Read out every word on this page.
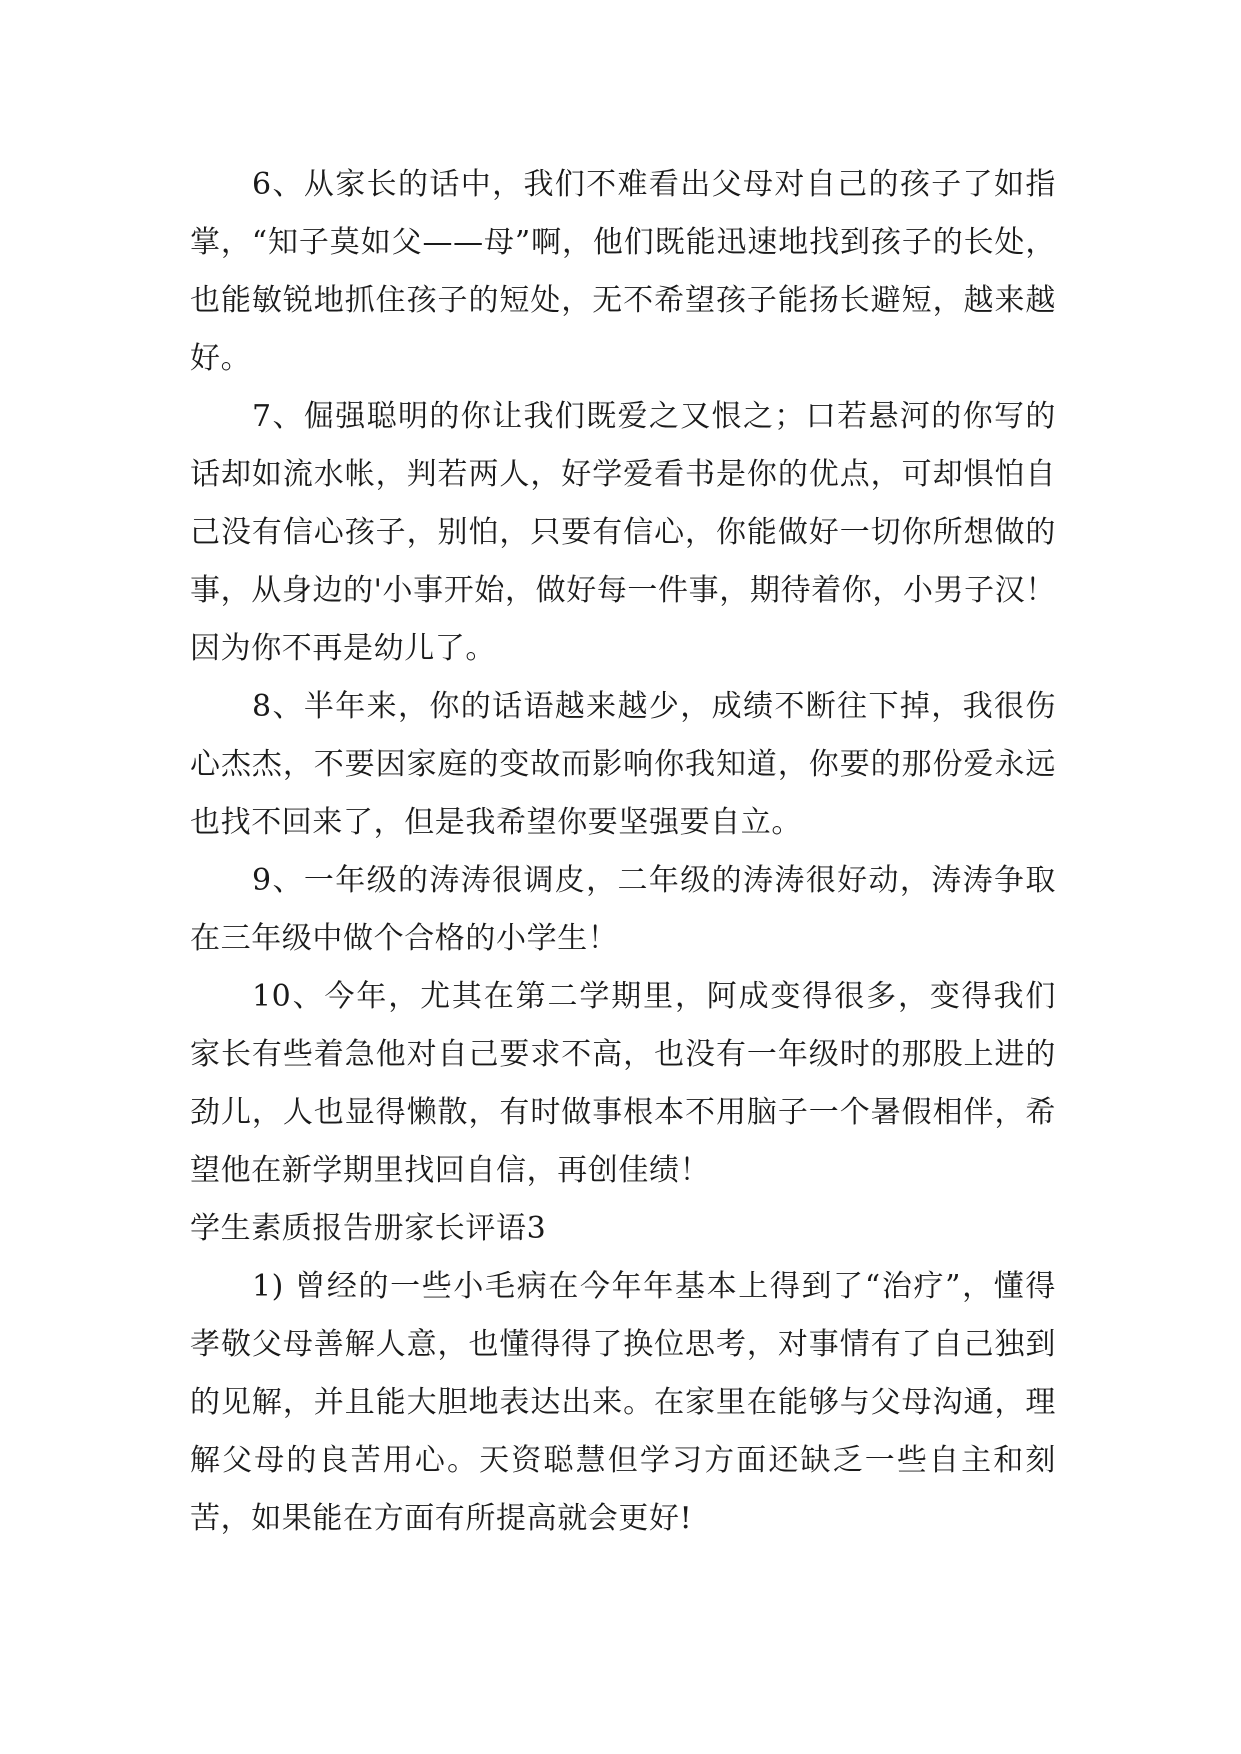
6、从家长的话中，我们不难看出父母对自己的孩子了如指掌，“知子莫如父——母”啊，他们既能迅速地找到孩子的长处，也能敏锐地抓住孩子的短处，无不希望孩子能扬长避短，越来越好。

7、倔强聪明的你让我们既爱之又恨之；口若悬河的你写的话却如流水帐，判若两人，好学爱看书是你的优点，可却惧怕自己没有信心孩子，别怕，只要有信心，你能做好一切你所想做的事，从身边的'小事开始，做好每一件事，期待着你，小男子汉！因为你不再是幼儿了。

8、半年来，你的话语越来越少，成绩不断往下掉，我很伤心杰杰，不要因家庭的变故而影响你我知道，你要的那份爱永远也找不回来了，但是我希望你要坚强要自立。

9、一年级的涛涛很调皮，二年级的涛涛很好动，涛涛争取在三年级中做个合格的小学生！

10、今年，尤其在第二学期里，阿成变得很多，变得我们家长有些着急他对自己要求不高，也没有一年级时的那股上进的劲儿，人也显得懒散，有时做事根本不用脑子一个暑假相伴，希望他在新学期里找回自信，再创佳绩！

学生素质报告册家长评语3

1) 曾经的一些小毛病在今年年基本上得到了“治疗”，懂得孝敬父母善解人意，也懂得得了换位思考，对事情有了自己独到的见解，并且能大胆地表达出来。在家里在能够与父母沟通，理解父母的良苦用心。天资聪慧但学习方面还缺乏一些自主和刻苦，如果能在方面有所提高就会更好!
